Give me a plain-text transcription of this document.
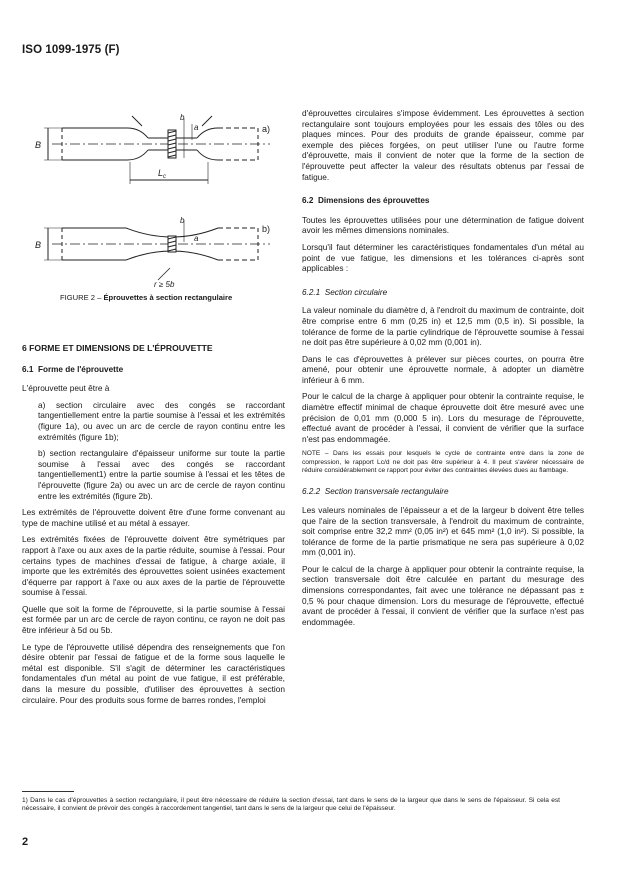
ISO 1099-1975 (F)
a)
b)
B
B
b
a
b
a
$L_c$
r ≥ 5b
FIGURE 2 – Éprouvettes à section rectangulaire
6 FORME ET DIMENSIONS DE L'ÉPROUVETTE
6.1 Forme de l'éprouvette

L'éprouvette peut être à

a) section circulaire avec des congés se raccordant tangentiellement entre la partie soumise à l'essai et les extrémités (figure 1a), ou avec un arc de cercle de rayon continu entre les extrémités (figure 1b);

b) section rectangulaire d'épaisseur uniforme sur toute la partie soumise à l'essai avec des congés se raccordant tangentiellement1) entre la partie soumise à l'essai et les têtes de l'éprouvette (figure 2a) ou avec un arc de cercle de rayon continu entre les extrémités (figure 2b).

Les extrémités de l'éprouvette doivent être d'une forme convenant au type de machine utilisé et au métal à essayer.

Les extrémités fixées de l'éprouvette doivent être symétriques par rapport à l'axe ou aux axes de la partie réduite, soumise à l'essai. Pour certains types de machines d'essai de fatigue, à charge axiale, il importe que les extrémités des éprouvettes soient usinées exactement d'équerre par rapport à l'axe ou aux axes de la partie de l'éprouvette soumise à l'essai.

Quelle que soit la forme de l'éprouvette, si la partie soumise à l'essai est formée par un arc de cercle de rayon continu, ce rayon ne doit pas être inférieur à 5d ou 5b.

Le type de l'éprouvette utilisé dépendra des renseignements que l'on désire obtenir par l'essai de fatigue et de la forme sous laquelle le métal est disponible. S'il s'agit de déterminer les caractéristiques fondamentales d'un métal au point de vue fatigue, il est préférable, dans la mesure du possible, d'utiliser des éprouvettes à section circulaire. Pour des produits sous forme de barres rondes, l'emploi

d'éprouvettes circulaires s'impose évidemment. Les éprouvettes à section rectangulaire sont toujours employées pour les essais des tôles ou des plaques minces. Pour des produits de grande épaisseur, comme par exemple des pièces forgées, on peut utiliser l'une ou l'autre forme d'éprouvette, mais il convient de noter que la forme de la section de l'éprouvette peut affecter la valeur des résultats obtenus par l'essai de fatigue.

6.2 Dimensions des éprouvettes

Toutes les éprouvettes utilisées pour une détermination de fatigue doivent avoir les mêmes dimensions nominales.

Lorsqu'il faut déterminer les caractéristiques fondamentales d'un métal au point de vue fatigue, les dimensions et les tolérances ci-après sont applicables :

6.2.1 Section circulaire

La valeur nominale du diamètre d, à l'endroit du maximum de contrainte, doit être comprise entre 6 mm (0,25 in) et 12,5 mm (0,5 in). Si possible, la tolérance de forme de la partie cylindrique de l'éprouvette soumise à l'essai ne doit pas être supérieure à 0,02 mm (0,001 in).

Dans le cas d'éprouvettes à prélever sur pièces courtes, on pourra être amené, pour obtenir une éprouvette normale, à adopter un diamètre inférieur à 6 mm.

Pour le calcul de la charge à appliquer pour obtenir la contrainte requise, le diamètre effectif minimal de chaque éprouvette doit être mesuré avec une précision de 0,01 mm (0,000 5 in). Lors du mesurage de l'éprouvette, effectué avant de procéder à l'essai, il convient de vérifier que la surface n'est pas endommagée.

NOTE – Dans les essais pour lesquels le cycle de contrainte entre dans la zone de compression, le rapport Lc/d ne doit pas être supérieur à 4. Il peut s'avérer nécessaire de réduire considérablement ce rapport pour éviter des contraintes élevées dues au flambage.

6.2.2 Section transversale rectangulaire

Les valeurs nominales de l'épaisseur a et de la largeur b doivent être telles que l'aire de la section transversale, à l'endroit du maximum de contrainte, soit comprise entre 32,2 mm² (0,05 in²) et 645 mm² (1,0 in²). Si possible, la tolérance de forme de la partie prismatique ne sera pas supérieure à 0,02 mm (0,001 in).

Pour le calcul de la charge à appliquer pour obtenir la contrainte requise, la section transversale doit être calculée en partant du mesurage des dimensions correspondantes, fait avec une tolérance ne dépassant pas ± 0,5 % pour chaque dimension. Lors du mesurage de l'éprouvette, effectué avant de procéder à l'essai, il convient de vérifier que la surface n'est pas endommagée.

1) Dans le cas d'éprouvettes à section rectangulaire, il peut être nécessaire de réduire la section d'essai, tant dans le sens de la largeur que dans le sens de l'épaisseur. Si cela est nécessaire, il convient de prévoir des congés à raccordement tangentiel, tant dans le sens de la largeur que celui de l'épaisseur.
2
